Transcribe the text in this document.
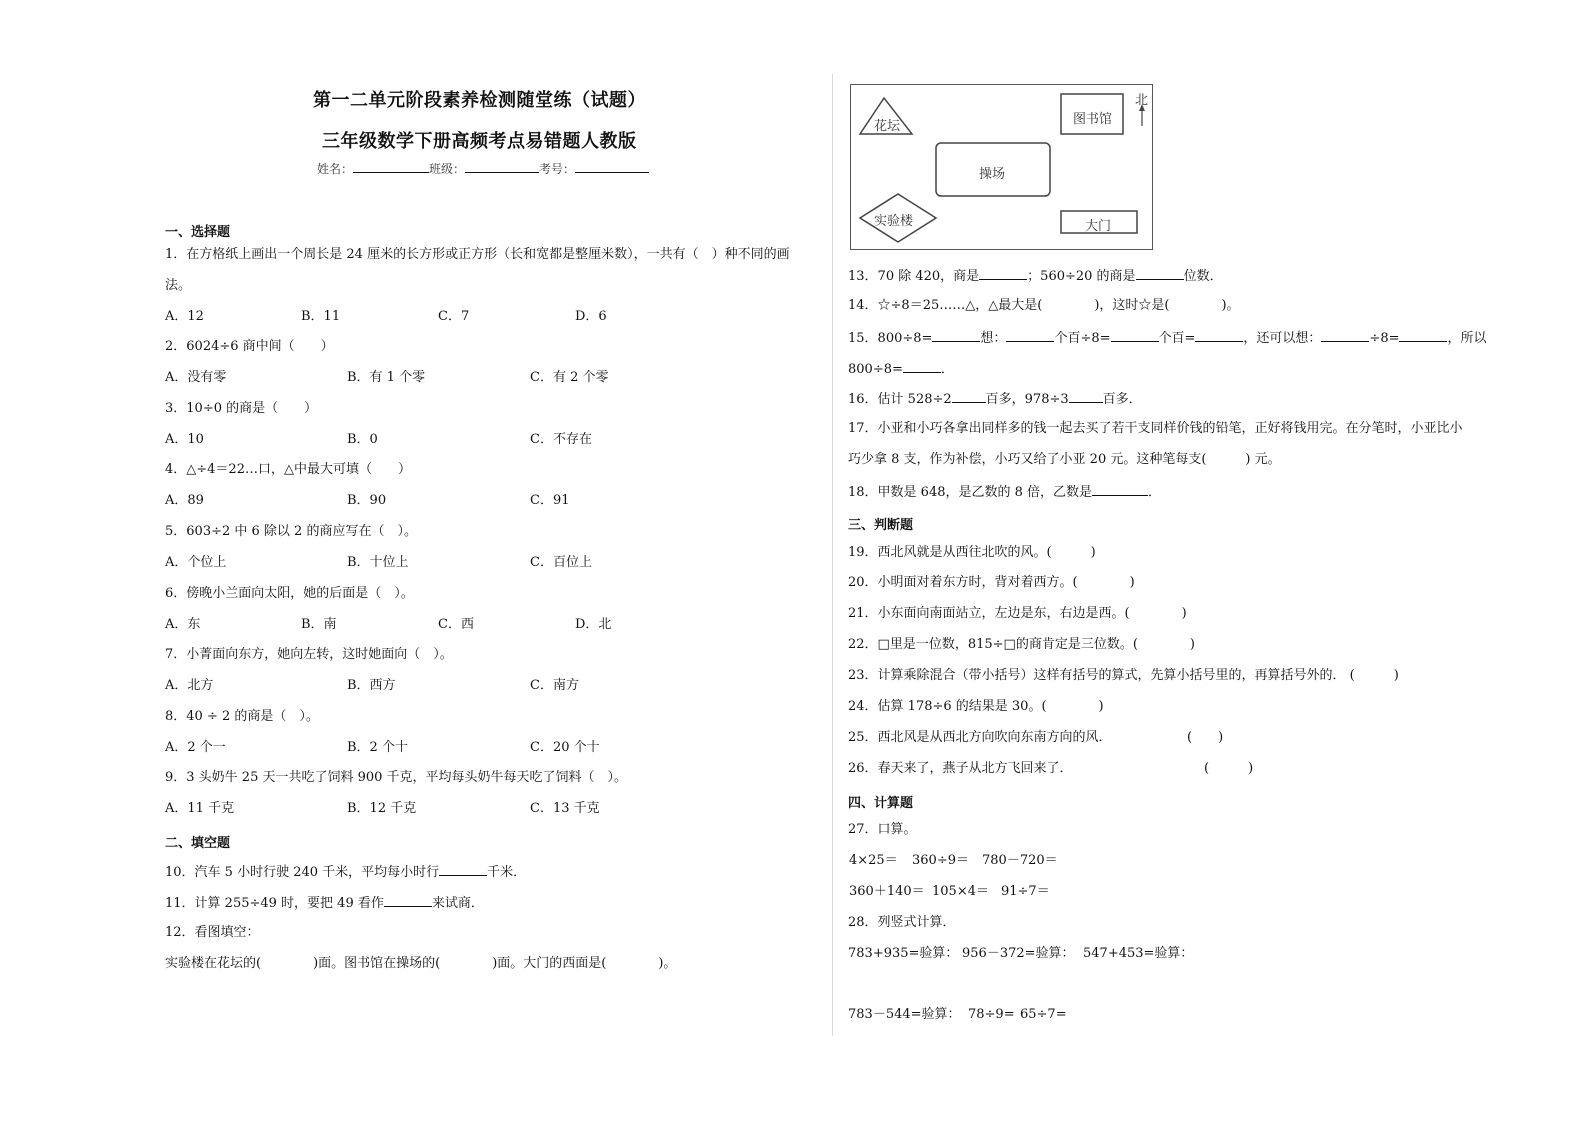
第一二单元阶段素养检测随堂练（试题）
三年级数学下册高频考点易错题人教版
姓名：	班级：	考号：
一、选择题
1．在方格纸上画出一个周长是 24 厘米的长方形或正方形（长和宽都是整厘米数），一共有（　）种不同的画
法。
A．12	B．11	C．7	D．6
2．6024÷6 商中间（　　）
A．没有零	B．有 1 个零	C．有 2 个零
3．10÷0 的商是（　　）
A．10	B．0	C．不存在
4．△÷4＝22…口，△中最大可填（　　）
A．89	B．90	C．91
5．603÷2 中 6 除以 2 的商应写在（　）。
A．个位上	B．十位上	C．百位上
6．傍晚小兰面向太阳，她的后面是（　）。
A．东	B．南	C．西	D．北
7．小菁面向东方，她向左转，这时她面向（　）。
A．北方	B．西方	C．南方
8．40 ÷ 2 的商是（　）。
A．2 个一	B．2 个十	C．20 个十
9．3 头奶牛 25 天一共吃了饲料 900 千克，平均每头奶牛每天吃了饲料（　）。
A．11 千克	B．12 千克	C．13 千克
二、填空题
10．汽车 5 小时行驶 240 千米，平均每小时行	千米．
11．计算 255÷49 时，要把 49 看作	来试商．
12．看图填空：
实验楼在花坛的(　　　　)面。图书馆在操场的(　　　　)面。大门的西面是(　　　　)。
花坛	图书馆
北
操场
实验楼	大门
13．70 除 420，商是	；560÷20 的商是	位数．
14．☆÷8＝25……△，△最大是(　　　　)，这时☆是(　　　　)。
15．800÷8=	想：	个百÷8=	个百=	，还可以想：	÷8=	，所以
800÷8=	．
16．估计 528÷2	百多，978÷3	百多．
17．小亚和小巧各拿出同样多的钱一起去买了若干支同样价钱的铅笔，正好将钱用完。在分笔时，小亚比小
巧少拿 8 支，作为补偿，小巧又给了小亚 20 元。这种笔每支(　　　) 元。
18．甲数是 648，是乙数的 8 倍，乙数是	．
三、判断题
19．西北风就是从西往北吹的风。(　　　)
20．小明面对着东方时，背对着西方。(　　　　)
21．小东面向南面站立，左边是东，右边是西。(　　　　)
22．□里是一位数，815÷□的商肯定是三位数。(　　　　)
23．计算乘除混合（带小括号）这样有括号的算式，先算小括号里的，再算括号外的． (　　　)
24．估算 178÷6 的结果是 30。(　　　　)
25．西北风是从西北方向吹向东南方向的风．	(　　)
26．春天来了，燕子从北方飞回来了．	(　　　)
四、计算题
27．口算。
4×25＝ 360÷9＝ 780－720＝
360＋140＝ 105×4＝ 91÷7＝
28．列竖式计算．
783+935=验算： 956－372=验算： 547+453=验算：
783－544=验算： 78÷9= 65÷7=
